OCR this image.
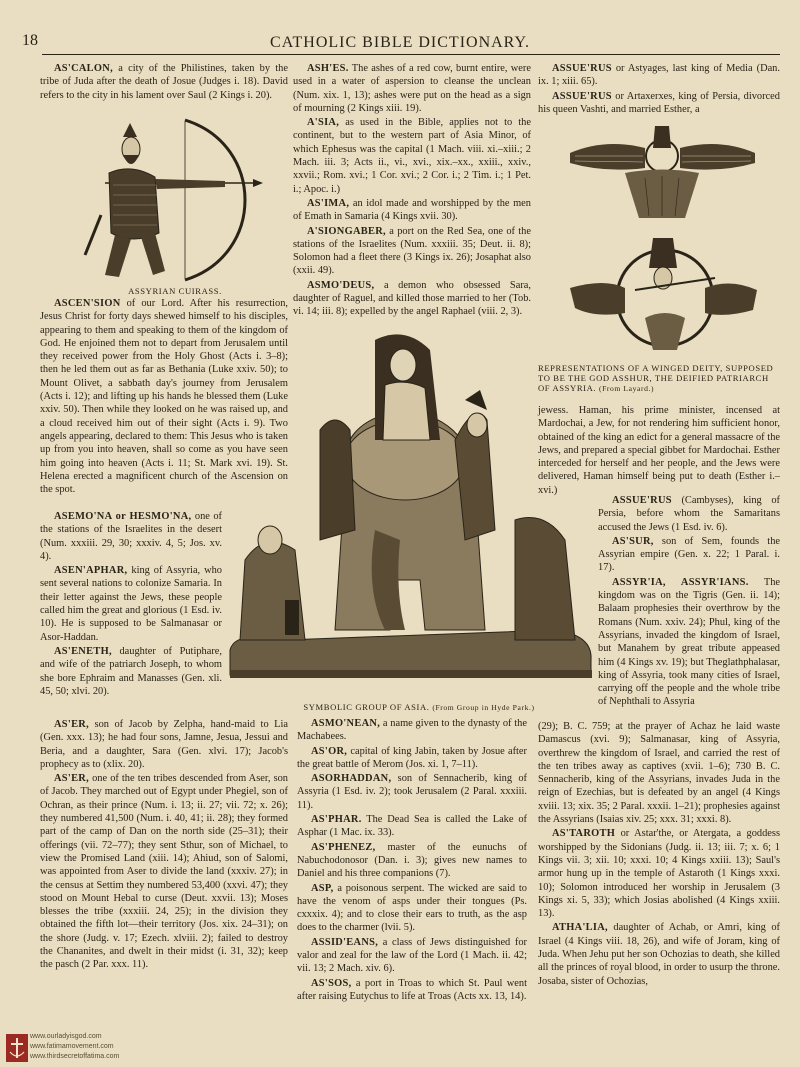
18	CATHOLIC BIBLE DICTIONARY.

AS'CALON, a city of the Philistines, taken by the tribe of Juda after the death of Josue (Judges i. 18). David refers to the city in his lament over Saul (2 Kings i. 20).

ASSYRIAN CUIRASS.

ASCEN'SION of our Lord. After his resurrection, Jesus Christ for forty days shewed himself to his disciples, appearing to them and speaking to them of the kingdom of God. He enjoined them not to depart from Jerusalem until they received power from the Holy Ghost (Acts i. 3–8); then he led them out as far as Bethania (Luke xxiv. 50); to Mount Olivet, a sabbath day's journey from Jerusalem (Acts i. 12); and lifting up his hands he blessed them (Luke xxiv. 50). Then while they looked on he was raised up, and a cloud received him out of their sight (Acts i. 9). Two angels appearing, declared to them: This Jesus who is taken up from you into heaven, shall so come as you have seen him going into heaven (Acts i. 11; St. Mark xvi. 19). St. Helena erected a magnificent church of the Ascension on the spot.

ASEMO'NA or HESMO'NA, one of the stations of the Israelites in the desert (Num. xxxiii. 29, 30; xxxiv. 4, 5; Jos. xv. 4).

ASEN'APHAR, king of Assyria, who sent several nations to colonize Samaria. In their letter against the Jews, these people called him the great and glorious (1 Esd. iv. 10). He is supposed to be Salmanasar or Asor-Haddan.

AS'ENETH, daughter of Putiphare, and wife of the patriarch Joseph, to whom she bore Ephraim and Manasses (Gen. xli. 45, 50; xlvi. 20).

AS'ER, son of Jacob by Zelpha, hand-maid to Lia (Gen. xxx. 13); he had four sons, Jamne, Jesua, Jessui and Beria, and a daughter, Sara (Gen. xlvi. 17); Jacob's prophecy as to (xlix. 20).

AS'ER, one of the ten tribes descended from Aser, son of Jacob. They marched out of Egypt under Phegiel, son of Ochran, as their prince (Num. i. 13; ii. 27; vii. 72; x. 26); they numbered 41,500 (Num. i. 40, 41; ii. 28); they formed part of the camp of Dan on the north side (25–31); their offerings (vii. 72–77); they sent Sthur, son of Michael, to view the Promised Land (xiii. 14); Ahiud, son of Salomi, was appointed from Aser to divide the land (xxxiv. 27); in the census at Settim they numbered 53,400 (xxvi. 47); they stood on Mount Hebal to curse (Deut. xxvii. 13); Moses blesses the tribe (xxxiii. 24, 25); in the division they obtained the fifth lot—their territory (Jos. xix. 24–31); on the shore (Judg. v. 17; Ezech. xlviii. 2); failed to destroy the Chananites, and dwelt in their midst (i. 31, 32); keep the pasch (2 Par. xxx. 11).

ASH'ES. The ashes of a red cow, burnt entire, were used in a water of aspersion to cleanse the unclean (Num. xix. 1, 13); ashes were put on the head as a sign of mourning (2 Kings xiii. 19).

A'SIA, as used in the Bible, applies not to the continent, but to the western part of Asia Minor, of which Ephesus was the capital (1 Mach. viii. xi.–xiii.; 2 Mach. iii. 3; Acts ii., vi., xvi., xix.–xx., xxiii., xxiv., xxvii.; Rom. xvi.; 1 Cor. xvi.; 2 Cor. i.; 2 Tim. i.; 1 Pet. i.; Apoc. i.)

AS'IMA, an idol made and worshipped by the men of Emath in Samaria (4 Kings xvii. 30).

A'SIONGABER, a port on the Red Sea, one of the stations of the Israelites (Num. xxxiii. 35; Deut. ii. 8); Solomon had a fleet there (3 Kings ix. 26); Josaphat also (xxii. 49).

ASMO'DEUS, a demon who obsessed Sara, daughter of Raguel, and killed those married to her (Tob. vi. 14; iii. 8); expelled by the angel Raphael (viii. 2, 3).

SYMBOLIC GROUP OF ASIA. (From Group in Hyde Park.)

ASMO'NEAN, a name given to the dynasty of the Machabees.

AS'OR, capital of king Jabin, taken by Josue after the great battle of Merom (Jos. xi. 1, 7–11).

ASORHADDAN, son of Sennacherib, king of Assyria (1 Esd. iv. 2); took Jerusalem (2 Paral. xxxiii. 11).

AS'PHAR. The Dead Sea is called the Lake of Asphar (1 Mac. ix. 33).

AS'PHENEZ, master of the eunuchs of Nabuchodonosor (Dan. i. 3); gives new names to Daniel and his three companions (7).

ASP, a poisonous serpent. The wicked are said to have the venom of asps under their tongues (Ps. cxxxix. 4); and to close their ears to truth, as the asp does to the charmer (lvii. 5).

ASSID'EANS, a class of Jews distinguished for valor and zeal for the law of the Lord (1 Mach. ii. 42; vii. 13; 2 Mach. xiv. 6).

AS'SOS, a port in Troas to which St. Paul went after raising Eutychus to life at Troas (Acts xx. 13, 14).

ASSUE'RUS or Astyages, last king of Media (Dan. ix. 1; xiii. 65).

ASSUE'RUS or Artaxerxes, king of Persia, divorced his queen Vashti, and married Esther, a

REPRESENTATIONS OF A WINGED DEITY, SUPPOSED TO BE THE GOD ASSHUR, THE DEIFIED PATRIARCH OF ASSYRIA. (From Layard.)

jewess. Haman, his prime minister, incensed at Mardochai, a Jew, for not rendering him sufficient honor, obtained of the king an edict for a general massacre of the Jews, and prepared a special gibbet for Mardochai. Esther interceded for herself and her people, and the Jews were delivered, Haman himself being put to death (Esther i.–xvi.)

ASSUE'RUS (Cambyses), king of Persia, before whom the Samaritans accused the Jews (1 Esd. iv. 6).

AS'SUR, son of Sem, founds the Assyrian empire (Gen. x. 22; 1 Paral. i. 17).

ASSYR'IA, ASSYR'IANS. The kingdom was on the Tigris (Gen. ii. 14); Balaam prophesies their overthrow by the Romans (Num. xxiv. 24); Phul, king of the Assyrians, invaded the kingdom of Israel, but Manahem by great tribute appeased him (4 Kings xv. 19); but Theglathphalasar, king of Assyria, took many cities of Israel, carrying off the people and the whole tribe of Nephthali to Assyria

(29); B. C. 759; at the prayer of Achaz he laid waste Damascus (xvi. 9); Salmanasar, king of Assyria, overthrew the kingdom of Israel, and carried the rest of the ten tribes away as captives (xvii. 1–6); 730 B. C. Sennacherib, king of the Assyrians, invades Juda in the reign of Ezechias, but is defeated by an angel (4 Kings xviii. 13; xix. 35; 2 Paral. xxxii. 1–21); prophesies against the Assyrians (Isaias xiv. 25; xxx. 31; xxxi. 8).

AS'TAROTH or Astar'the, or Atergata, a goddess worshipped by the Sidonians (Judg. ii. 13; iii. 7; x. 6; 1 Kings vii. 3; xii. 10; xxxi. 10; 4 Kings xxiii. 13); Saul's armor hung up in the temple of Astaroth (1 Kings xxxi. 10); Solomon introduced her worship in Jerusalem (3 Kings xi. 5, 33); which Josias abolished (4 Kings xxiii. 13).

ATHA'LIA, daughter of Achab, or Amri, king of Israel (4 Kings viii. 18, 26), and wife of Joram, king of Juda. When Jehu put her son Ochozias to death, she killed all the princes of royal blood, in order to usurp the throne. Josaba, sister of Ochozias,

www.ourladyisgod.com
www.fatimamovement.com
www.thirdsecretoffatima.com
